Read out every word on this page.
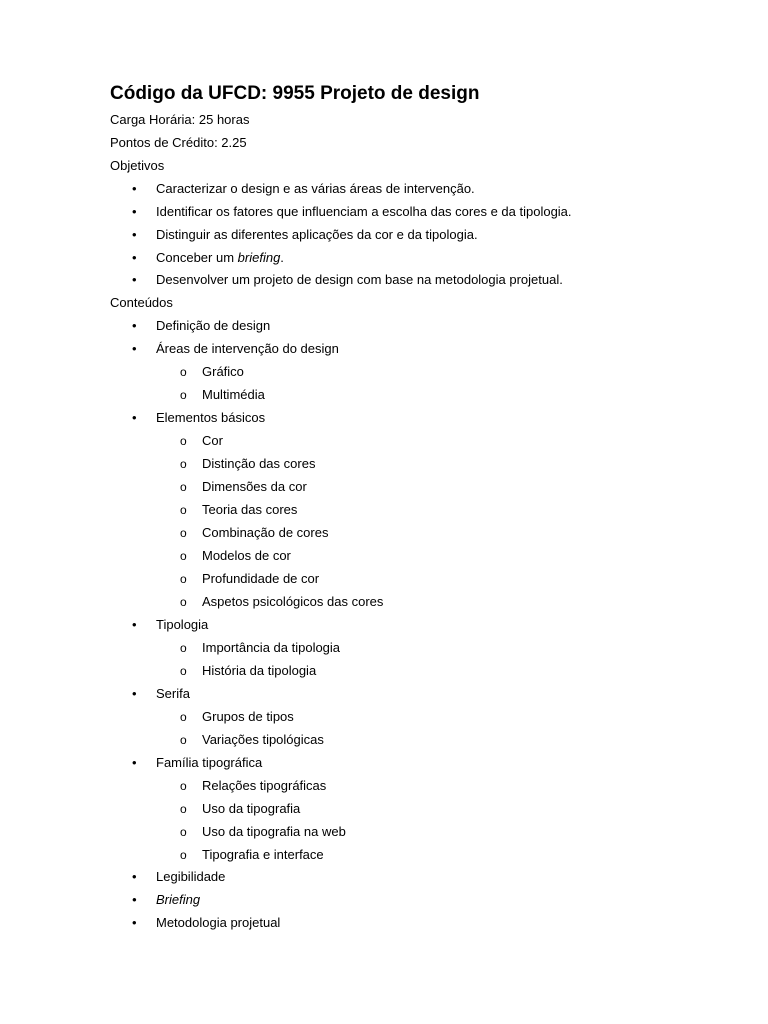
Código da UFCD: 9955 Projeto de design
Carga Horária: 25 horas
Pontos de Crédito: 2.25
Objetivos
• Caracterizar o design e as várias áreas de intervenção.
• Identificar os fatores que influenciam a escolha das cores e da tipologia.
• Distinguir as diferentes aplicações da cor e da tipologia.
• Conceber um briefing.
• Desenvolver um projeto de design com base na metodologia projetual.
Conteúdos
• Definição de design
• Áreas de intervenção do design
o Gráfico
o Multimédia
• Elementos básicos
o Cor
o Distinção das cores
o Dimensões da cor
o Teoria das cores
o Combinação de cores
o Modelos de cor
o Profundidade de cor
o Aspetos psicológicos das cores
• Tipologia
o Importância da tipologia
o História da tipologia
• Serifa
o Grupos de tipos
o Variações tipológicas
• Família tipográfica
o Relações tipográficas
o Uso da tipografia
o Uso da tipografia na web
o Tipografia e interface
• Legibilidade
• Briefing
• Metodologia projetual
